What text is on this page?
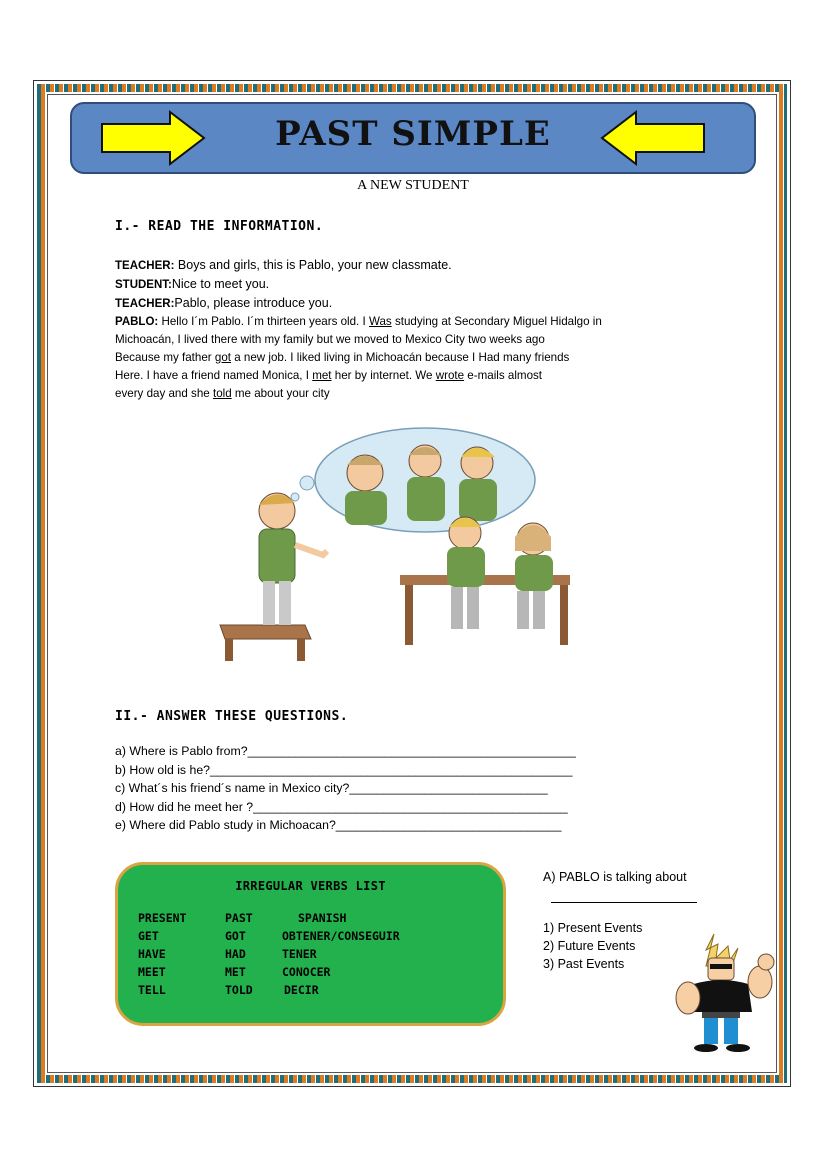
PAST SIMPLE
A NEW STUDENT
I.- READ THE INFORMATION.
TEACHER: Boys and girls, this is Pablo, your new classmate.
STUDENT:Nice to meet you.
TEACHER:Pablo, please introduce you.
PABLO: Hello I´m Pablo. I´m thirteen years old. I Was studying at Secondary Miguel Hidalgo in
Michoacán, I lived there with my family but we moved to Mexico City two weeks ago
Because my father got a new job. I liked living in Michoacán because I Had many friends
Here. I have a friend named Monica, I met her by internet. We wrote e-mails almost
every day and she told me about your city
II.- ANSWER THESE QUESTIONS.
a) Where is Pablo from?________________________________________________
b) How old is he?_____________________________________________________
c) What´s his friend´s name in Mexico city?_____________________________
d) How did he meet her ?______________________________________________
e) Where did Pablo study in Michoacan?_________________________________
IRREGULAR VERBS LIST
PRESENT	PAST	SPANISH
GET	GOT	OBTENER/CONSEGUIR
HAVE	HAD	TENER
MEET	MET	CONOCER
TELL	TOLD	DECIR
A) PABLO is talking about
1) Present Events
2) Future Events
3) Past Events
